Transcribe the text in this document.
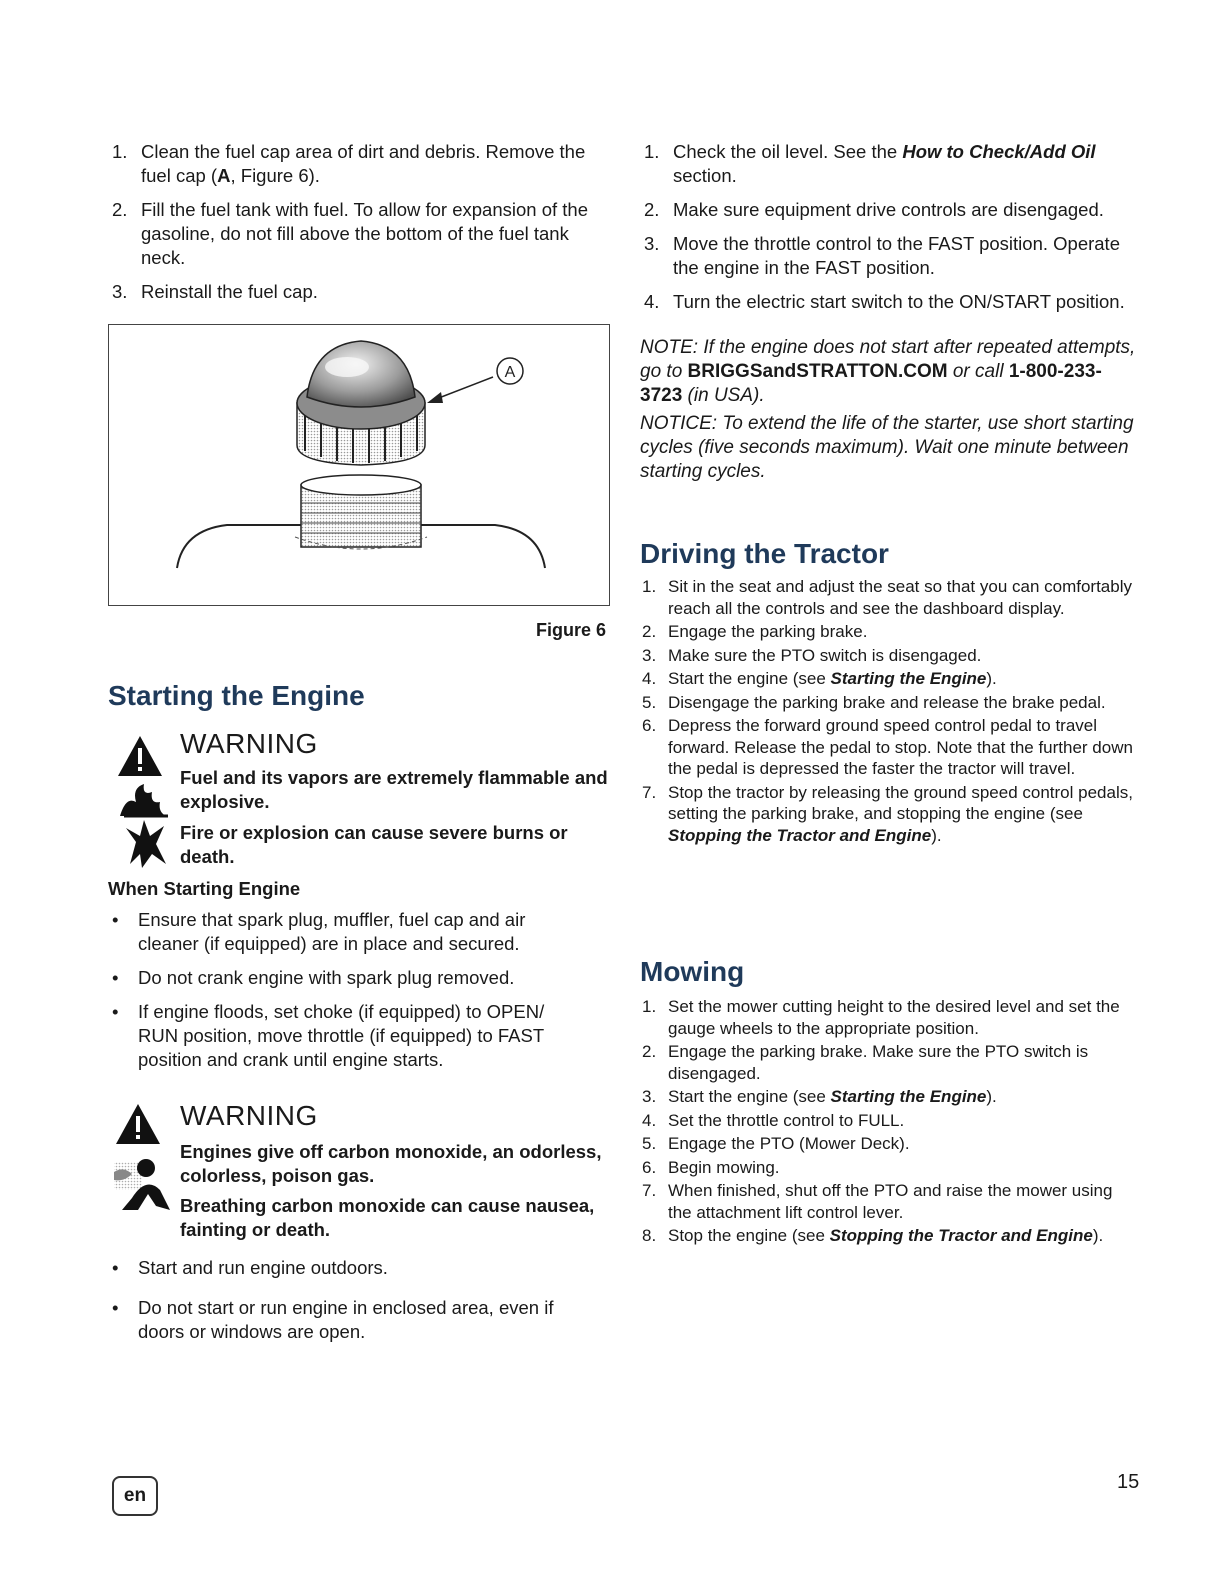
1. Clean the fuel cap area of dirt and debris. Remove the fuel cap (A, Figure 6).
2. Fill the fuel tank with fuel. To allow for expansion of the gasoline, do not fill above the bottom of the fuel tank neck.
3. Reinstall the fuel cap.
A
Figure 6
Starting the Engine
WARNING
Fuel and its vapors are extremely flammable and explosive.
Fire or explosion can cause severe burns or death.
When Starting Engine
• Ensure that spark plug, muffler, fuel cap and air cleaner (if equipped) are in place and secured.
• Do not crank engine with spark plug removed.
• If engine floods, set choke (if equipped) to OPEN/ RUN position, move throttle (if equipped) to FAST position and crank until engine starts.
WARNING
Engines give off carbon monoxide, an odorless, colorless, poison gas.
Breathing carbon monoxide can cause nausea, fainting or death.
• Start and run engine outdoors.
• Do not start or run engine in enclosed area, even if doors or windows are open.
1. Check the oil level. See the How to Check/Add Oil section.
2. Make sure equipment drive controls are disengaged.
3. Move the throttle control to the FAST position. Operate the engine in the FAST position.
4. Turn the electric start switch to the ON/START position.
NOTE: If the engine does not start after repeated attempts, go to BRIGGSandSTRATTON.COM or call 1-800-233-3723 (in USA).
NOTICE: To extend the life of the starter, use short starting cycles (five seconds maximum). Wait one minute between starting cycles.
Driving the Tractor
1. Sit in the seat and adjust the seat so that you can comfortably reach all the controls and see the dashboard display.
2. Engage the parking brake.
3. Make sure the PTO switch is disengaged.
4. Start the engine (see Starting the Engine).
5. Disengage the parking brake and release the brake pedal.
6. Depress the forward ground speed control pedal to travel forward. Release the pedal to stop. Note that the further down the pedal is depressed the faster the tractor will travel.
7. Stop the tractor by releasing the ground speed control pedals, setting the parking brake, and stopping the engine (see Stopping the Tractor and Engine).
Mowing
1. Set the mower cutting height to the desired level and set the gauge wheels to the appropriate position.
2. Engage the parking brake. Make sure the PTO switch is disengaged.
3. Start the engine (see Starting the Engine).
4. Set the throttle control to FULL.
5. Engage the PTO (Mower Deck).
6. Begin mowing.
7. When finished, shut off the PTO and raise the mower using the attachment lift control lever.
8. Stop the engine (see Stopping the Tractor and Engine).
en
15
